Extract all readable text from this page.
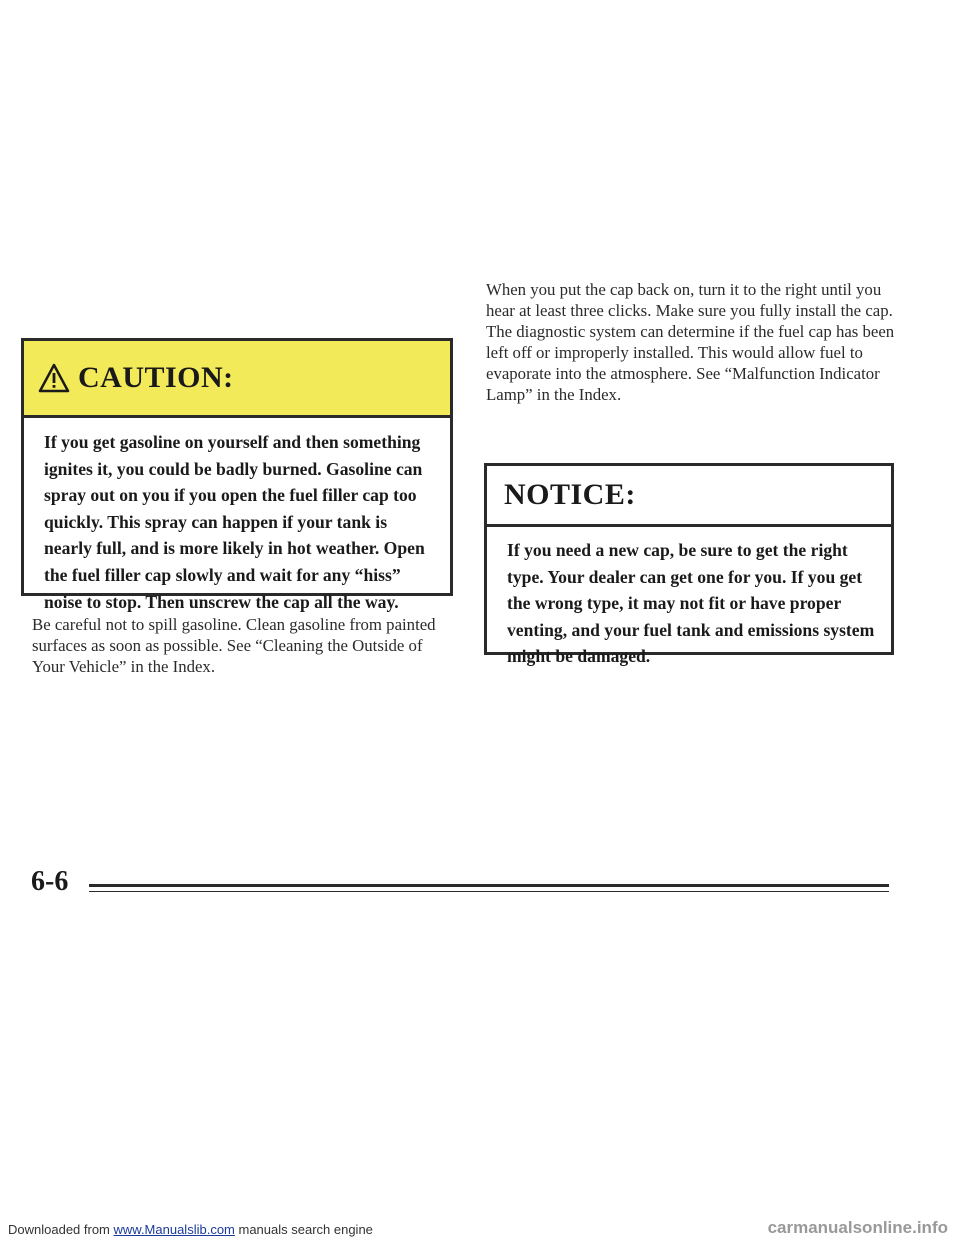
CAUTION:
If you get gasoline on yourself and then something ignites it, you could be badly burned. Gasoline can spray out on you if you open the fuel filler cap too quickly. This spray can happen if your tank is nearly full, and is more likely in hot weather. Open the fuel filler cap slowly and wait for any “hiss” noise to stop. Then unscrew the cap all the way.
Be careful not to spill gasoline. Clean gasoline from painted surfaces as soon as possible. See “Cleaning the Outside of Your Vehicle” in the Index.
When you put the cap back on, turn it to the right until you hear at least three clicks. Make sure you fully install the cap. The diagnostic system can determine if the fuel cap has been left off or improperly installed. This would allow fuel to evaporate into the atmosphere. See “Malfunction Indicator Lamp” in the Index.
NOTICE:
If you need a new cap, be sure to get the right type. Your dealer can get one for you. If you get the wrong type, it may not fit or have proper venting, and your fuel tank and emissions system might be damaged.
6-6
Downloaded from www.Manualslib.com manuals search engine	carmanualsonline.info
